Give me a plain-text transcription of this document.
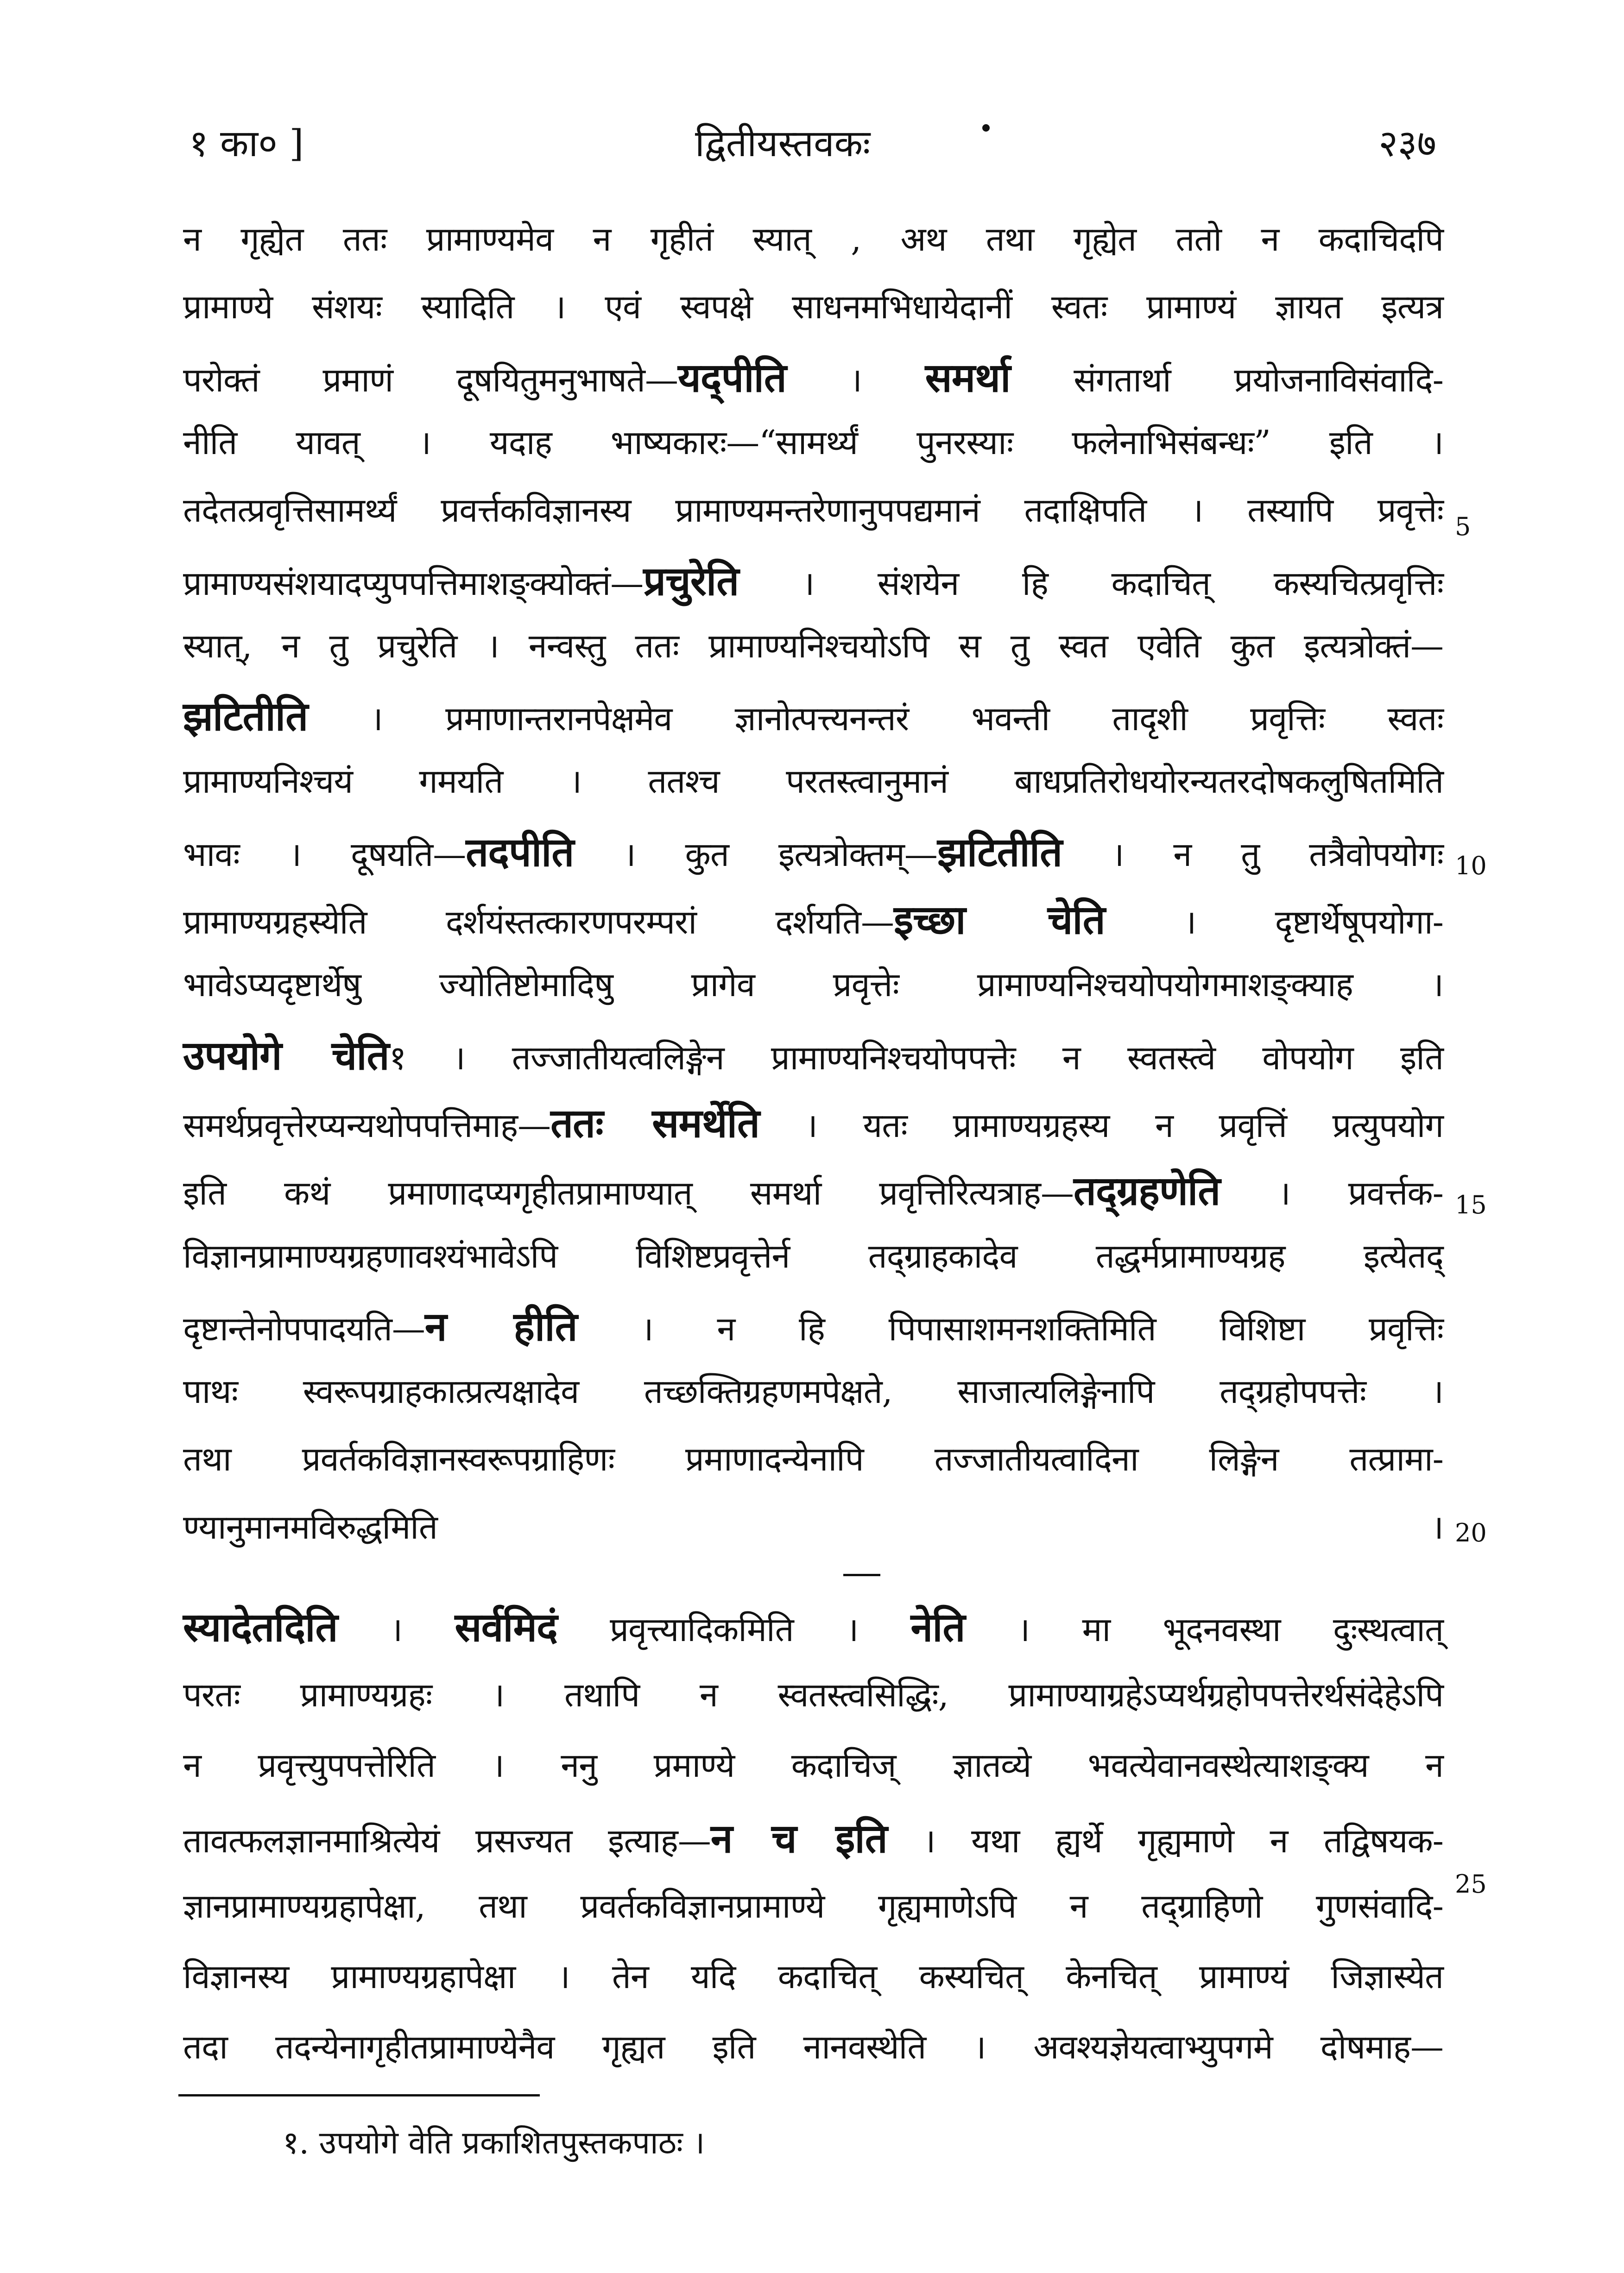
१ का० ]	द्वितीयस्तवकः	२३७
न गृह्येत ततः प्रामाण्यमेव न गृहीतं स्यात् , अथ तथा गृह्येत ततो न कदाचिदपि
प्रामाण्ये संशयः स्यादिति । एवं स्वपक्षे साधनमभिधायेदानीं स्वतः प्रामाण्यं ज्ञायत इत्यत्र
परोक्तं प्रमाणं दूषयितुमनुभाषते—यद्पीति । समर्था संगतार्था प्रयोजनाविसंवादि-
नीति यावत् । यदाह भाष्यकारः—“सामर्थ्यं पुनरस्याः फलेनाभिसंबन्धः” इति ।
तदेतत्प्रवृत्तिसामर्थ्यं प्रवर्त्तकविज्ञानस्य प्रामाण्यमन्तरेणानुपपद्यमानं तदाक्षिपति । तस्यापि प्रवृत्तेः
प्रामाण्यसंशयादप्युपपत्तिमाशङ्क्योक्तं—प्रचुरेति । संशयेन हि कदाचित् कस्यचित्प्रवृत्तिः
स्यात्, न तु प्रचुरेति । नन्वस्तु ततः प्रामाण्यनिश्चयोऽपि स तु स्वत एवेति कुत इत्यत्रोक्तं—
झटितीति । प्रमाणान्तरानपेक्षमेव ज्ञानोत्पत्त्यनन्तरं भवन्ती तादृशी प्रवृत्तिः स्वतः
प्रामाण्यनिश्चयं गमयति । ततश्च परतस्त्वानुमानं बाधप्रतिरोधयोरन्यतरदोषकलुषितमिति
भावः । दूषयति—तदपीति । कुत इत्यत्रोक्तम्—झटितीति । न तु तत्रैवोपयोगः
प्रामाण्यग्रहस्येति दर्शयंस्तत्कारणपरम्परां दर्शयति—इच्छा चेति । दृष्टार्थेषूपयोगा-
भावेऽप्यदृष्टार्थेषु ज्योतिष्टोमादिषु प्रागेव प्रवृत्तेः प्रामाण्यनिश्चयोपयोगमाशङ्क्याह ।
उपयोगे चेति१ । तज्जातीयत्वलिङ्गेन प्रामाण्यनिश्चयोपपत्तेः न स्वतस्त्वे वोपयोग इति
समर्थप्रवृत्तेरप्यन्यथोपपत्तिमाह—ततः समर्थेति । यतः प्रामाण्यग्रहस्य न प्रवृत्तिं प्रत्युपयोग
इति कथं प्रमाणादप्यगृहीतप्रामाण्यात् समर्था प्रवृत्तिरित्यत्राह—तद्ग्रहणेति । प्रवर्त्तक-
विज्ञानप्रामाण्यग्रहणावश्यंभावेऽपि विशिष्टप्रवृत्तेर्न तद्ग्राहकादेव तद्धर्मप्रामाण्यग्रह इत्येतद्
दृष्टान्तेनोपपादयति—न हीति । न हि पिपासाशमनशक्तिमिति विशिष्टा प्रवृत्तिः
पाथः स्वरूपग्राहकात्प्रत्यक्षादेव तच्छक्तिग्रहणमपेक्षते, साजात्यलिङ्गेनापि तद्ग्रहोपपत्तेः ।
तथा प्रवर्तकविज्ञानस्वरूपग्राहिणः प्रमाणादन्येनापि तज्जातीयत्वादिना लिङ्गेन तत्प्रामा-
ण्यानुमानमविरुद्धमिति ।
स्यादेतदिति । सर्वमिदं प्रवृत्त्यादिकमिति । नेति । मा भूदनवस्था दुःस्थत्वात्
परतः प्रामाण्यग्रहः । तथापि न स्वतस्त्वसिद्धिः, प्रामाण्याग्रहेऽप्यर्थग्रहोपपत्तेरर्थसंदेहेऽपि
न प्रवृत्त्युपपत्तेरिति । ननु प्रमाण्ये कदाचिज् ज्ञातव्ये भवत्येवानवस्थेत्याशङ्क्य न
तावत्फलज्ञानमाश्रित्येयं प्रसज्यत इत्याह—न च इति । यथा ह्यर्थे गृह्यमाणे न तद्विषयक-
ज्ञानप्रामाण्यग्रहापेक्षा, तथा प्रवर्तकविज्ञानप्रामाण्ये गृह्यमाणेऽपि न तद्ग्राहिणो गुणसंवादि-
विज्ञानस्य प्रामाण्यग्रहापेक्षा । तेन यदि कदाचित् कस्यचित् केनचित् प्रामाण्यं जिज्ञास्येत
तदा तदन्येनागृहीतप्रामाण्येनैव गृह्यत इति नानवस्थेति । अवश्यज्ञेयत्वाभ्युपगमे दोषमाह—
5
10
15
20
25
१. उपयोगे वेति प्रकाशितपुस्तकपाठः ।
